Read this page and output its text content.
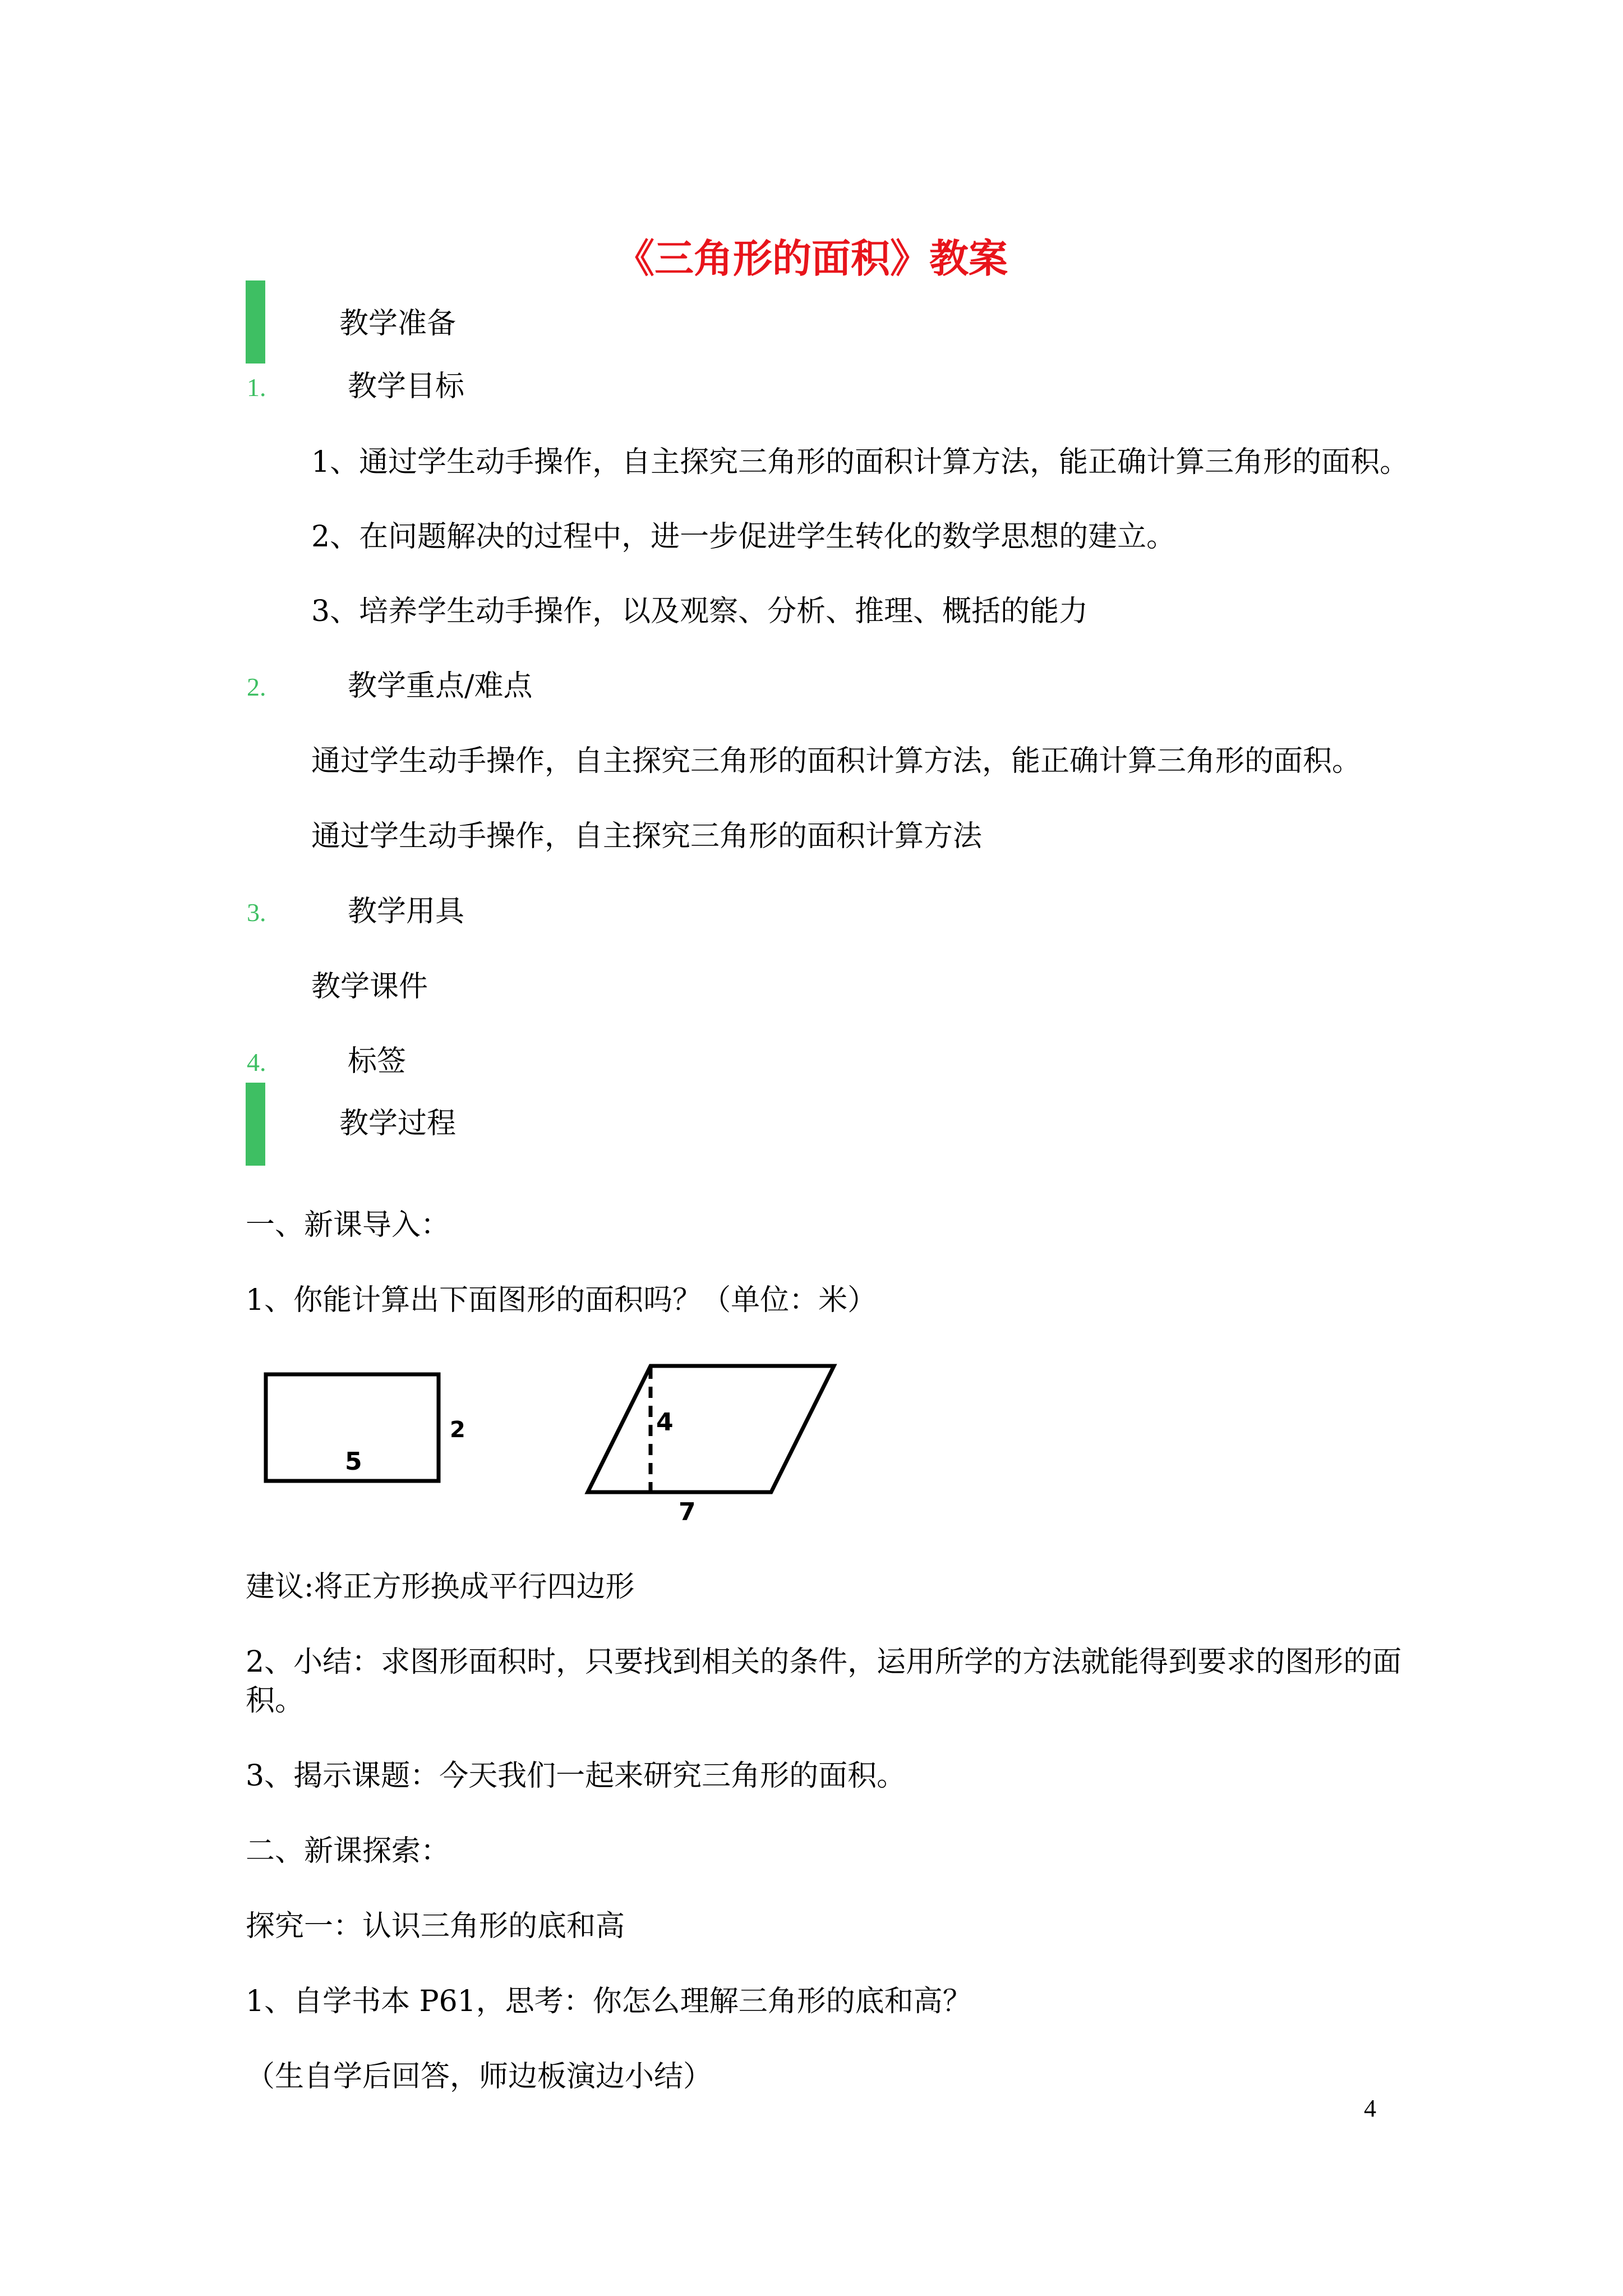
《三角形的面积》教案
教学准备
1.	教学目标
1、通过学生动手操作，自主探究三角形的面积计算方法，能正确计算三角形的面积。
2、在问题解决的过程中，进一步促进学生转化的数学思想的建立。
3、培养学生动手操作，以及观察、分析、推理、概括的能力
2.	教学重点/难点
通过学生动手操作，自主探究三角形的面积计算方法，能正确计算三角形的面积。
通过学生动手操作，自主探究三角形的面积计算方法
3.	教学用具
教学课件
4.	标签
教学过程
一、新课导入：
1、你能计算出下面图形的面积吗？（单位：米）
5
2	4
7
建议:将正方形换成平行四边形
2、小结：求图形面积时，只要找到相关的条件，运用所学的方法就能得到要求的图形的面
积。
3、揭示课题：今天我们一起来研究三角形的面积。
二、新课探索：
探究一：认识三角形的底和高
1、自学书本 P61，思考：你怎么理解三角形的底和高？
（生自学后回答，师边板演边小结）
4
